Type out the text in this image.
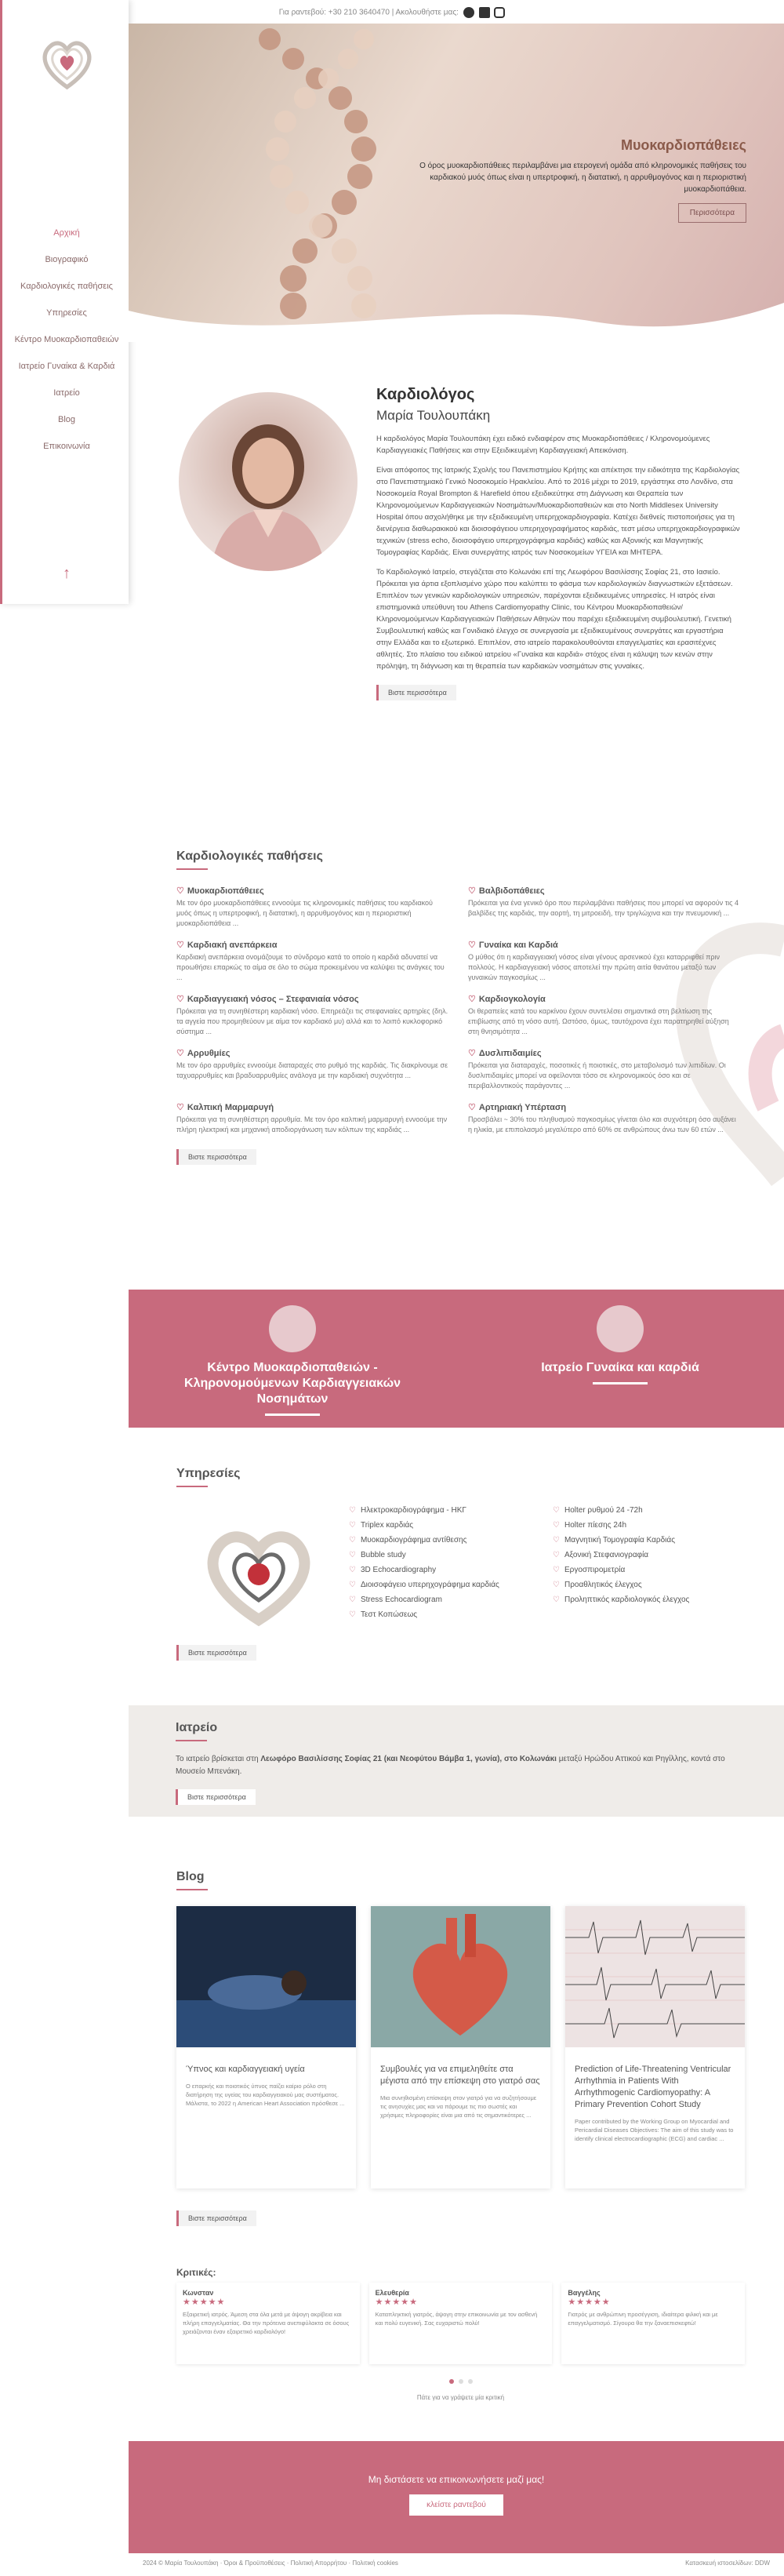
Για ραντεβού: +30 210 3640470 | Ακολουθήστε μας:
Αρχική
Βιογραφικό
Καρδιολογικές παθήσεις
Υπηρεσίες
Κέντρο Μυοκαρδιοπαθειών
Ιατρείο Γυναίκα & Καρδιά
Ιατρείο
Blog
Επικοινωνία
↑
Μυοκαρδιοπάθειες
Ο όρος μυοκαρδιοπάθειες περιλαμβάνει μια ετερογενή ομάδα από κληρονομικές παθήσεις του καρδιακού μυός όπως είναι η υπερτροφική, η διατατική, η αρρυθμογόνος και η περιοριστική μυοκαρδιοπάθεια.
Περισσότερα
Καρδιολόγος
Μαρία Τουλουπάκη

Η καρδιολόγος Μαρία Τουλουπάκη έχει ειδικό ενδιαφέρον στις Μυοκαρδιοπάθειες / Κληρονομούμενες Καρδιαγγειακές Παθήσεις και στην Εξειδικευμένη Καρδιαγγειακή Απεικόνιση.

Είναι απόφοιτος της Ιατρικής Σχολής του Πανεπιστημίου Κρήτης και απέκτησε την ειδικότητα της Καρδιολογίας στο Πανεπιστημιακό Γενικό Νοσοκομείο Ηρακλείου. Από το 2016 μέχρι το 2019, εργάστηκε στο Λονδίνο, στα Νοσοκομεία Royal Brompton & Harefield όπου εξειδικεύτηκε στη Διάγνωση και Θεραπεία των Κληρονομούμενων Καρδιαγγειακών Νοσημάτων/Μυοκαρδιοπαθειών και στο North Middlesex University Hospital όπου ασχολήθηκε με την εξειδικευμένη υπερηχοκαρδιογραφία. Κατέχει διεθνείς πιστοποιήσεις για τη διενέργεια διαθωρακικού και διοισοφάγειου υπερηχογραφήματος καρδιάς, τεστ μέσω υπερηχοκαρδιογραφικών τεχνικών (stress echo, διοισοφάγειο υπερηχογράφημα καρδιάς) καθώς και Αξονικής και Μαγνητικής Τομογραφίας Καρδιάς. Είναι συνεργάτης ιατρός των Νοσοκομείων ΥΓΕΙΑ και ΜΗΤΕΡΑ.

Το Καρδιολογικό Ιατρείο, στεγάζεται στο Κολωνάκι επί της Λεωφόρου Βασιλίσσης Σοφίας 21, στο Ιασιείο. Πρόκειται για άρτια εξοπλισμένο χώρο που καλύπτει το φάσμα των καρδιολογικών διαγνωστικών εξετάσεων. Επιπλέον των γενικών καρδιολογικών υπηρεσιών, παρέχονται εξειδικευμένες υπηρεσίες. Η ιατρός είναι επιστημονικά υπεύθυνη του Athens Cardiomyopathy Clinic, του Κέντρου Μυοκαρδιοπαθειών/ Κληρονομούμενων Καρδιαγγειακών Παθήσεων Αθηνών που παρέχει εξειδικευμένη συμβουλευτική. Γενετική Συμβουλευτική καθώς και Γονιδιακό έλεγχο σε συνεργασία με εξειδικευμένους συνεργάτες και εργαστήρια στην Ελλάδα και το εξωτερικό. Επιπλέον, στο ιατρείο παρακολουθούνται επαγγελματίες και ερασιτέχνες αθλητές. Στο πλαίσιο του ειδικού ιατρείου «Γυναίκα και καρδιά» στόχος είναι η κάλυψη των κενών στην πρόληψη, τη διάγνωση και τη θεραπεία των καρδιακών νοσημάτων στις γυναίκες.

Βιστε περισσότερα
Καρδιολογικές παθήσεις
♡ Μυοκαρδιοπάθειες

Με τον όρο μυοκαρδιοπάθειες εννοούμε τις κληρονομικές παθήσεις του καρδιακού μυός όπως η υπερτροφική, η διατατική, η αρρυθμογόνος και η περιοριστική μυοκαρδιοπάθεια ...

♡ Βαλβιδοπάθειες

Πρόκειται για ένα γενικό όρο που περιλαμβάνει παθήσεις που μπορεί να αφορούν τις 4 βαλβίδες της καρδιάς, την αορτή, τη μιτροειδή, την τριγλώχινα και την πνευμονική ...

♡ Καρδιακή ανεπάρκεια

Καρδιακή ανεπάρκεια ονομάζουμε το σύνδρομο κατά το οποίο η καρδιά αδυνατεί να προωθήσει επαρκώς το αίμα σε όλο το σώμα προκειμένου να καλύψει τις ανάγκες του ...

♡ Γυναίκα και Καρδιά

Ο μύθος ότι η καρδιαγγειακή νόσος είναι γένους αρσενικού έχει καταρριφθεί πριν πολλούς. Η καρδιαγγειακή νόσος αποτελεί την πρώτη αιτία θανάτου μεταξύ των γυναικών παγκοσμίως ...

♡ Καρδιαγγειακή νόσος – Στεφανιαία νόσος

Πρόκειται για τη συνηθέστερη καρδιακή νόσο. Επηρεάζει τις στεφανιαίες αρτηρίες (δηλ. τα αγγεία που προμηθεύουν με αίμα τον καρδιακό μυ) αλλά και το λοιπό κυκλοφορικό σύστημα ...

♡ Καρδιογκολογία

Οι θεραπείες κατά του καρκίνου έχουν συντελέσει σημαντικά στη βελτίωση της επιβίωσης από τη νόσο αυτή. Ωστόσο, όμως, ταυτόχρονα έχει παρατηρηθεί αύξηση στη θνησιμότητα ...

♡ Αρρυθμίες

Με τον όρο αρρυθμίες εννοούμε διαταραχές στο ρυθμό της καρδιάς. Τις διακρίνουμε σε ταχυαρρυθμίες και βραδυαρρυθμίες ανάλογα με την καρδιακή συχνότητα ...

♡ Δυσλιπιδαιμίες

Πρόκειται για διαταραχές, ποσοτικές ή ποιοτικές, στο μεταβολισμό των λιπιδίων. Οι δυσλιπιδαιμίες μπορεί να οφείλονται τόσο σε κληρονομικούς όσο και σε περιβαλλοντικούς παράγοντες ...

♡ Καλπική Μαρμαρυγή

Πρόκειται για τη συνηθέστερη αρρυθμία. Με τον όρο καλπική μαρμαρυγή εννοούμε την πλήρη ηλεκτρική και μηχανική αποδιοργάνωση των κόλπων της καρδιάς ...

♡ Αρτηριακή Υπέρταση

Προσβάλει ~ 30% του πληθυσμού παγκοσμίως γίνεται όλο και συχνότερη όσο αυξάνει η ηλικία, με επιπολασμό μεγαλύτερο από 60% σε ανθρώπους άνω των 60 ετών ...

Βιστε περισσότερα
Κέντρο Μυοκαρδιοπαθειών - Κληρονομούμενων Καρδιαγγειακών Νοσημάτων
Ιατρείο Γυναίκα και καρδιά
Υπηρεσίες
♡ Ηλεκτροκαρδιογράφημα - ΗΚΓ
♡ Triplex καρδιάς
♡ Μυοκαρδιογράφημα αντίθεσης
♡ Bubble study
♡ 3D Echocardiography
♡ Διοισοφάγειο υπερηχογράφημα καρδιάς
♡ Stress Echocardiogram
♡ Τεστ Κοπώσεως
♡ Holter ρυθμού 24 -72h
♡ Holter πίεσης 24h
♡ Μαγνητική Τομογραφία Καρδιάς
♡ Αξονική Στεφανιογραφία
♡ Εργοσπιρομετρία
♡ Προαθλητικός έλεγχος
♡ Προληπτικός καρδιολογικός έλεγχος
Βιστε περισσότερα
Ιατρείο

Το ιατρείο βρίσκεται στη Λεωφόρο Βασιλίσσης Σοφίας 21 (και Νεοφύτου Βάμβα 1, γωνία), στο Κολωνάκι μεταξύ Ηρώδου Αττικού και Ρηγίλλης, κοντά στο Μουσείο Μπενάκη.

Βιστε περισσότερα
Blog
Ύπνος και καρδιαγγειακή υγεία

Ο επαρκής και ποιοτικός ύπνος παίζει καίριο ρόλο στη διατήρηση της υγείας του καρδιαγγειακού μας συστήματος. Μάλιστα, το 2022 η American Heart Association πρόσθεσε ...

Συμβουλές για να επιμεληθείτε στα μέγιστα από την επίσκεψη στο γιατρό σας

Μια συνηθισμένη επίσκεψη στον γιατρό για να συζητήσουμε τις ανησυχίες μας και να πάρουμε τις πιο σωστές και χρήσιμες πληροφορίες είναι μια από τις σημαντικότερες ...

Prediction of Life-Threatening Ventricular Arrhythmia in Patients With Arrhythmogenic Cardiomyopathy: A Primary Prevention Cohort Study

Paper contributed by the Working Group on Myocardial and Pericardial Diseases Objectives: The aim of this study was to identify clinical electrocardiographic (ECG) and cardiac ...

Βιστε περισσότερα
Κριτικές:
Κωνσταν
★★★★★

Εξαιρετική ιατρός. Άμεση στα όλα μετά με άψογη ακρίβεια και πλήρη επαγγελματίας. Θα την πρότεινα ανεπιφύλακτα σε όσους χρειάζονται έναν εξαιρετικό καρδιολόγο!

Ελευθερία
★★★★★

Καταπληκτική γιατρός, άψογη στην επικοινωνία με τον ασθενή και πολύ ευγενική. Σας ευχαριστώ πολύ!

Βαγγέλης
★★★★★

Γιατρός με ανθρώπινη προσέγγιση, ιδιαίτερα φιλική και με επαγγελματισμό. Σίγουρα θα την ξαναεπισκεφτώ!

Πάτε για να γράψετε μία κριτική
Μη διστάσετε να επικοινωνήσετε μαζί μας!
κλείστε ραντεβού
2024 © Μαρία Τουλουπάκη · Όροι & Προϋποθέσεις · Πολιτική Απορρήτου · Πολιτική cookies	Κατασκευή ιστοσελίδων: DDW
